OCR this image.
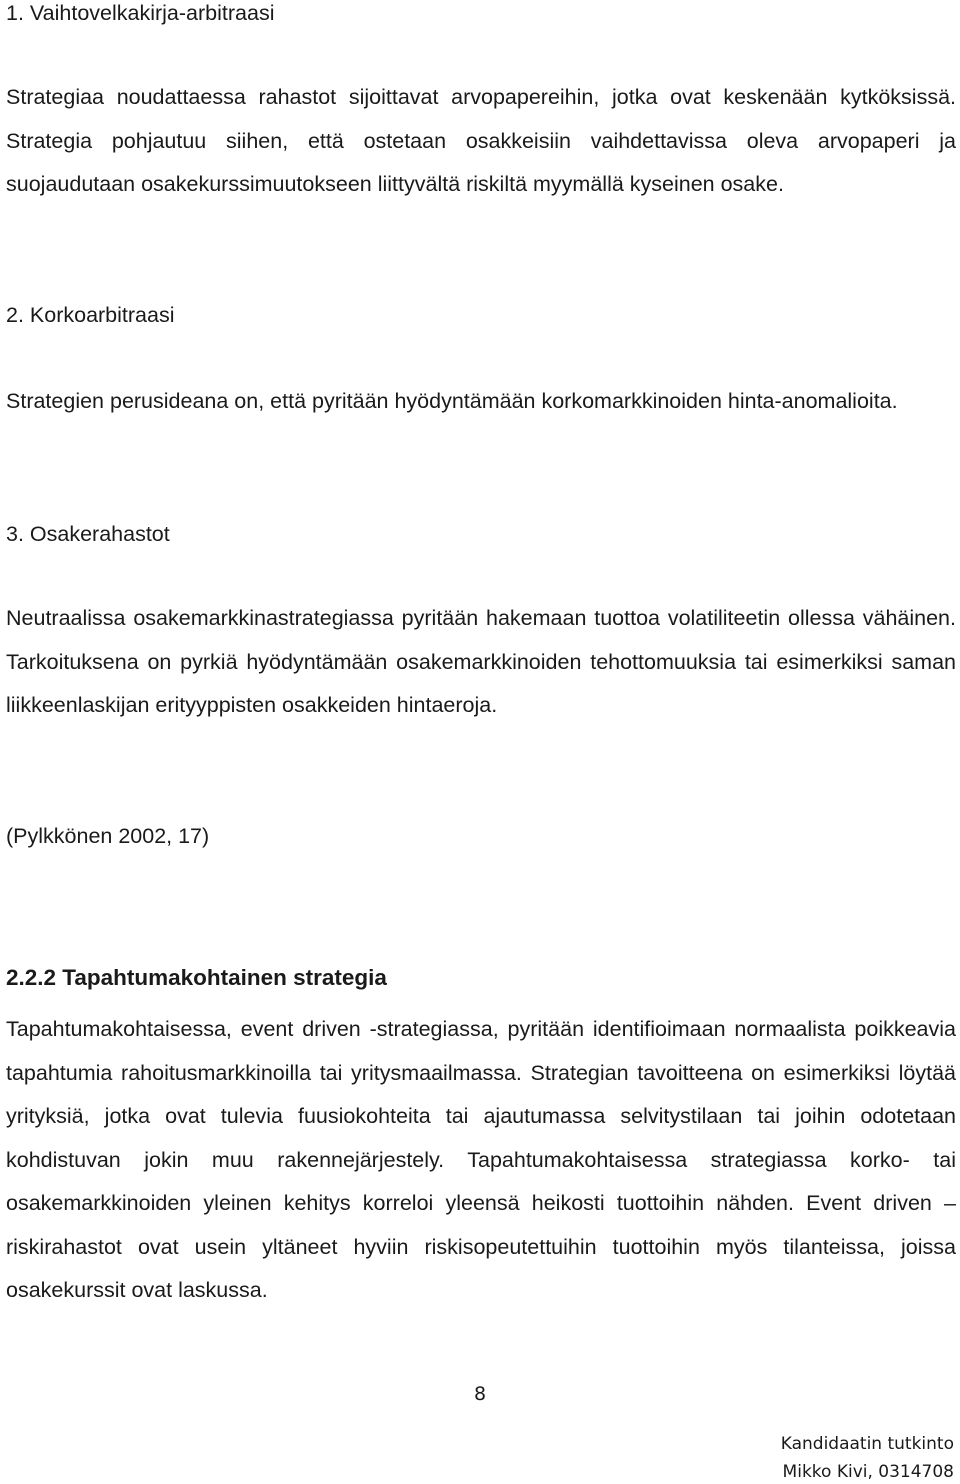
1. Vaihtovelkakirja-arbitraasi

Strategiaa noudattaessa rahastot sijoittavat arvopapereihin, jotka ovat keskenään kytköksissä. Strategia pohjautuu siihen, että ostetaan osakkeisiin vaihdettavissa oleva arvopaperi ja suojaudutaan osakekurssimuutokseen liittyvältä riskiltä myymällä kyseinen osake.

2. Korkoarbitraasi

Strategien perusideana on, että pyritään hyödyntämään korkomarkkinoiden hinta-anomalioita.

3. Osakerahastot

Neutraalissa osakemarkkinastrategiassa pyritään hakemaan tuottoa volatiliteetin ollessa vähäinen. Tarkoituksena on pyrkiä hyödyntämään osakemarkkinoiden tehottomuuksia tai esimerkiksi saman liikkeenlaskijan erityyppisten osakkeiden hintaeroja.

(Pylkkönen 2002, 17)

2.2.2 Tapahtumakohtainen strategia

Tapahtumakohtaisessa, event driven -strategiassa, pyritään identifioimaan normaalista poikkeavia tapahtumia rahoitusmarkkinoilla tai yritysmaailmassa. Strategian tavoitteena on esimerkiksi löytää yrityksiä, jotka ovat tulevia fuusiokohteita tai ajautumassa selvitystilaan tai joihin odotetaan kohdistuvan jokin muu rakennejärjestely. Tapahtumakohtaisessa strategiassa korko- tai osakemarkkinoiden yleinen kehitys korreloi yleensä heikosti tuottoihin nähden. Event driven –riskirahastot ovat usein yltäneet hyviin riskisopeutettuihin tuottoihin myös tilanteissa, joissa osakekurssit ovat laskussa.

8
Kandidaatin tutkinto
Mikko Kivi, 0314708
